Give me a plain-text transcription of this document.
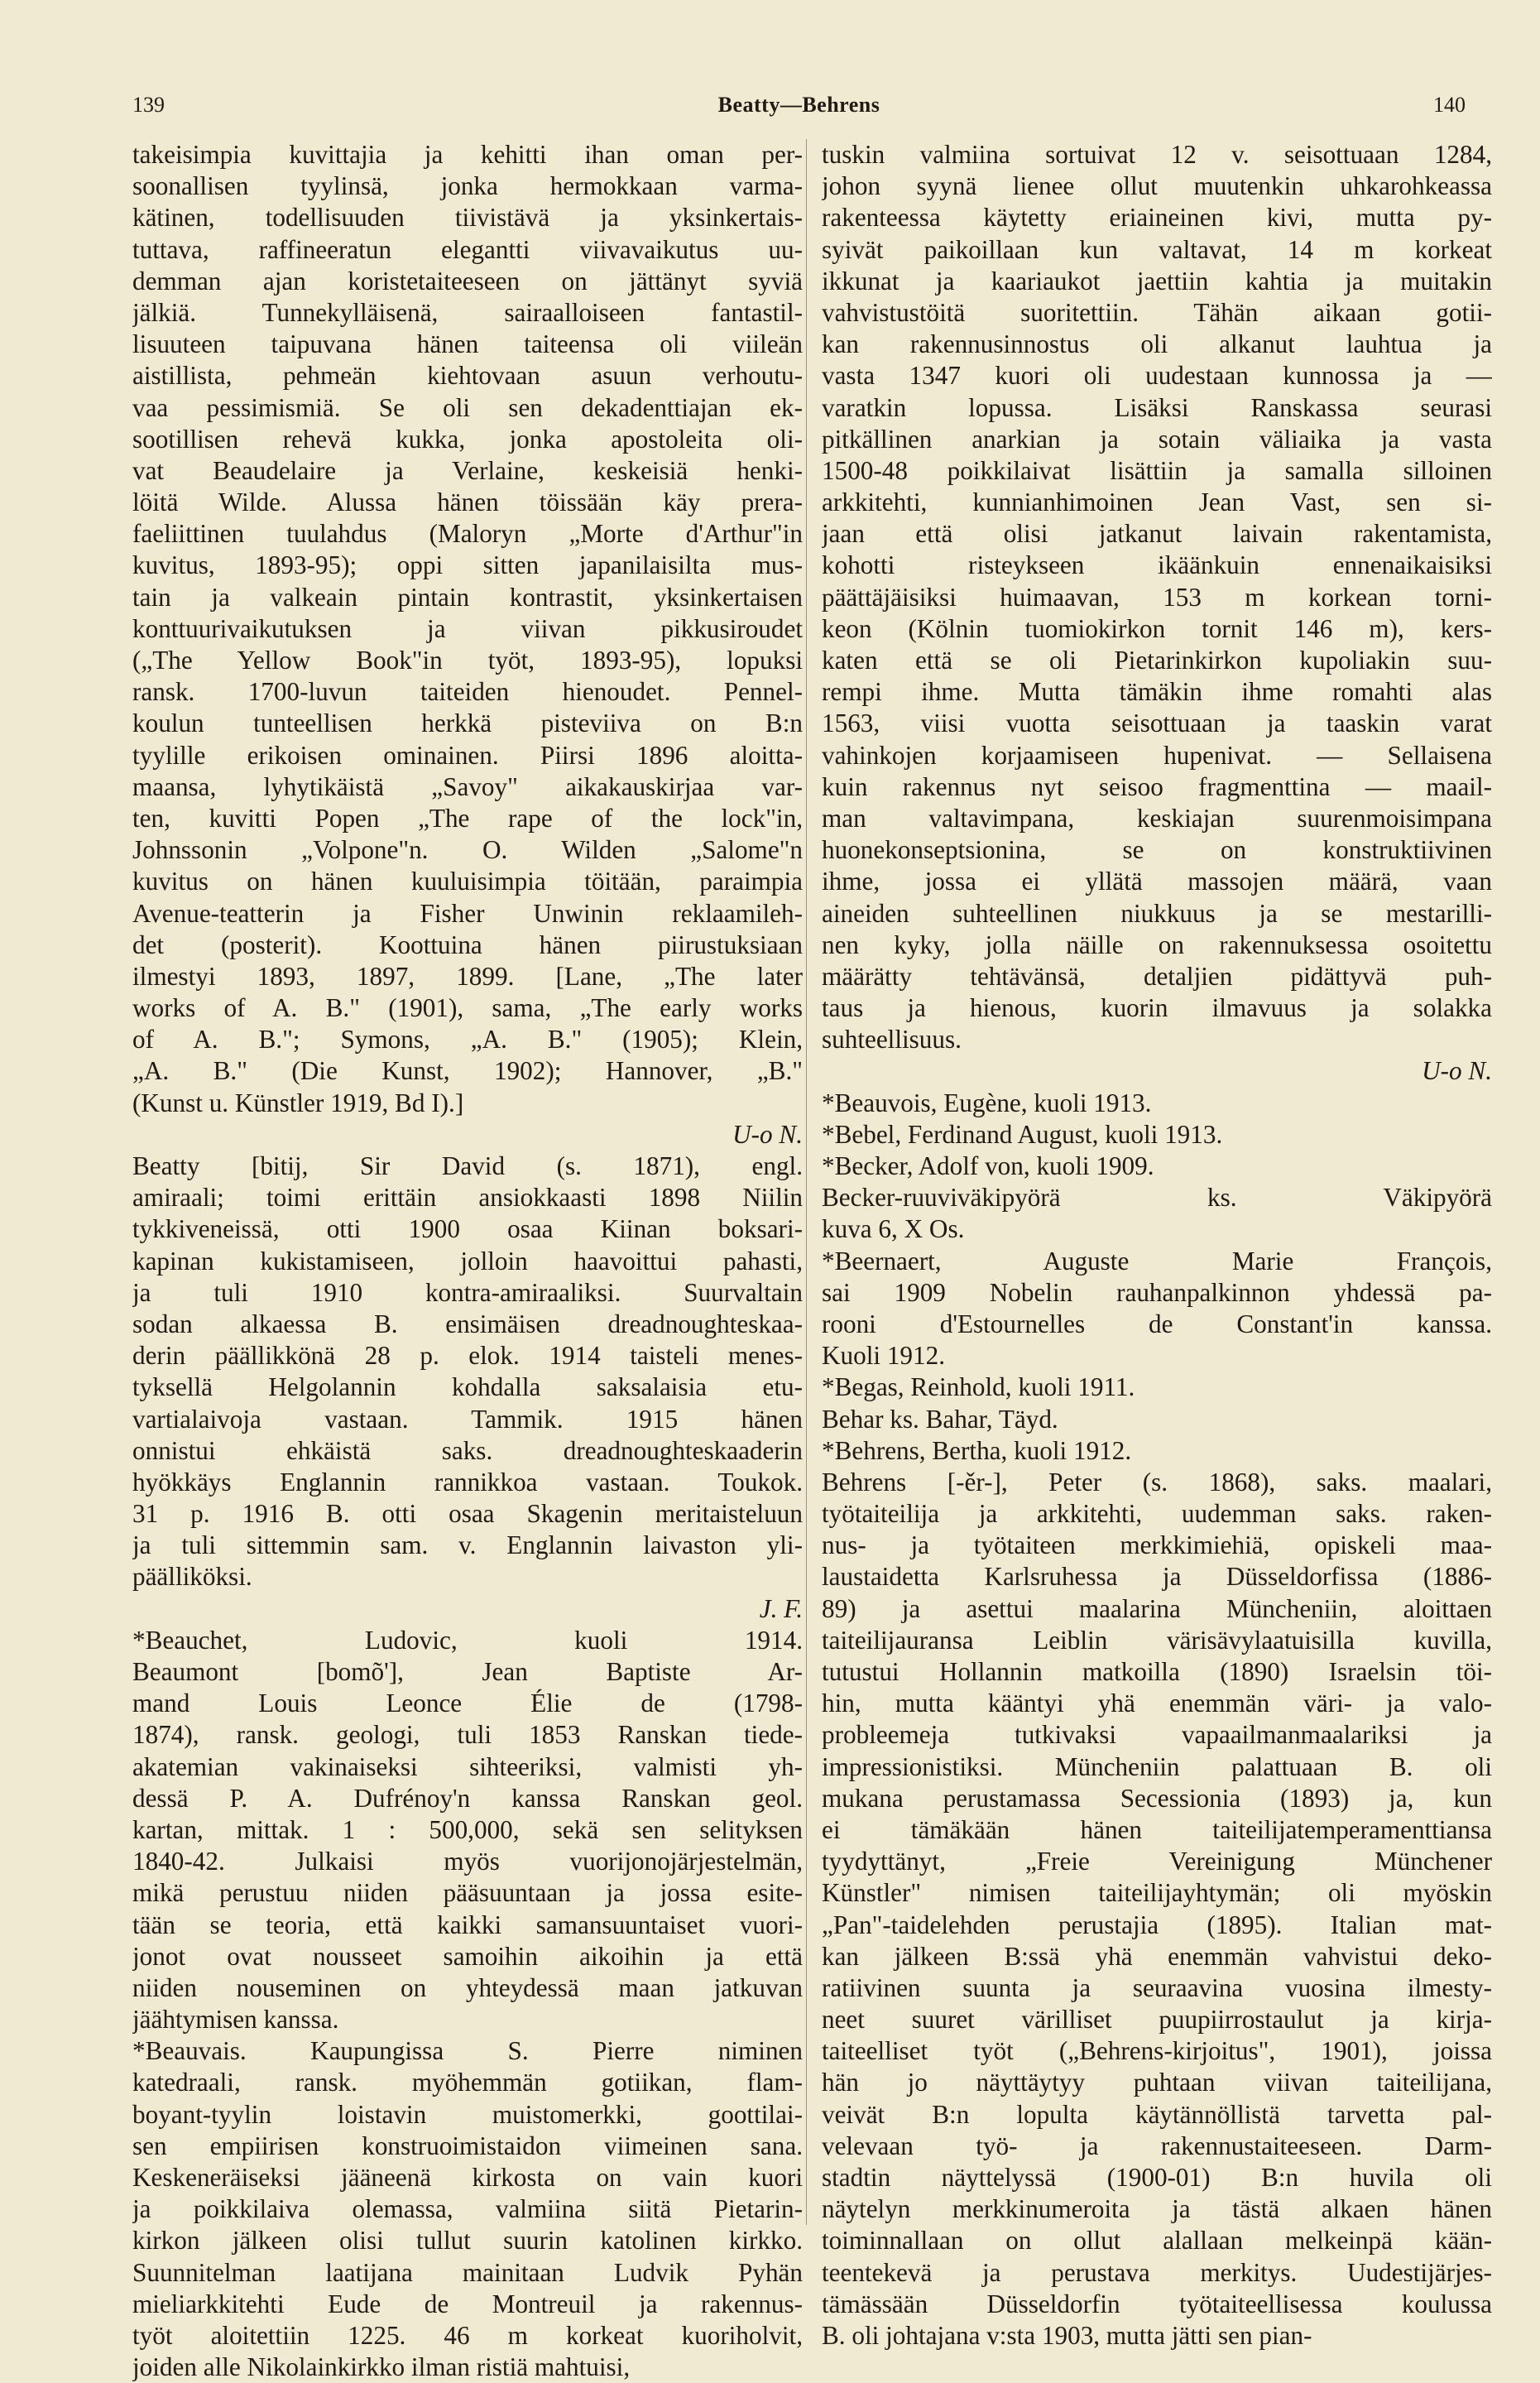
139	Beatty—Behrens	140
takeisimpia kuvittajia ja kehitti ihan oman per-
soonallisen tyylinsä, jonka hermokkaan varma-
kätinen, todellisuuden tiivistävä ja yksinkertais-
tuttava, raffineeratun elegantti viivavaikutus uu-
demman ajan koristetaiteeseen on jättänyt syviä
jälkiä. Tunnekylläisenä, sairaalloiseen fantastil-
lisuuteen taipuvana hänen taiteensa oli viileän
aistillista, pehmeän kiehtovaan asuun verhoutu-
vaa pessimismiä. Se oli sen dekadenttiajan ek-
sootillisen rehevä kukka, jonka apostoleita oli-
vat Beaudelaire ja Verlaine, keskeisiä henki-
löitä Wilde. Alussa hänen töissään käy prera-
faeliittinen tuulahdus (Maloryn „Morte d'Arthur"in
kuvitus, 1893-95); oppi sitten japanilaisilta mus-
tain ja valkeain pintain kontrastit, yksinkertaisen
konttuurivaikutuksen ja viivan pikkusiroudet
(„The Yellow Book"in työt, 1893-95), lopuksi
ransk. 1700-luvun taiteiden hienoudet. Pennel-
koulun tunteellisen herkkä pisteviiva on B:n
tyylille erikoisen ominainen. Piirsi 1896 aloitta-
maansa, lyhytikäistä „Savoy" aikakauskirjaa var-
ten, kuvitti Popen „The rape of the lock"in,
Johnssonin „Volpone"n. O. Wilden „Salome"n
kuvitus on hänen kuuluisimpia töitään, paraimpia
Avenue-teatterin ja Fisher Unwinin reklaamileh-
det (posterit). Koottuina hänen piirustuksiaan
ilmestyi 1893, 1897, 1899. [Lane, „The later
works of A. B." (1901), sama, „The early works
of A. B."; Symons, „A. B." (1905); Klein,
„A. B." (Die Kunst, 1902); Hannover, „B."
(Kunst u. Künstler 1919, Bd I).]
U-o N.
Beatty [bitij, Sir David (s. 1871), engl.
amiraali; toimi erittäin ansiokkaasti 1898 Niilin
tykkiveneissä, otti 1900 osaa Kiinan boksari-
kapinan kukistamiseen, jolloin haavoittui pahasti,
ja tuli 1910 kontra-amiraaliksi. Suurvaltain
sodan alkaessa B. ensimäisen dreadnoughteskaa-
derin päällikkönä 28 p. elok. 1914 taisteli menes-
tyksellä Helgolannin kohdalla saksalaisia etu-
vartialaivoja vastaan. Tammik. 1915 hänen
onnistui ehkäistä saks. dreadnoughteskaaderin
hyökkäys Englannin rannikkoa vastaan. Toukok.
31 p. 1916 B. otti osaa Skagenin meritaisteluun
ja tuli sittemmin sam. v. Englannin laivaston yli-
päälliköksi.
J. F.
*Beauchet, Ludovic, kuoli 1914.
Beaumont [bomõ'], Jean Baptiste Ar-
mand Louis Leonce Élie de (1798-
1874), ransk. geologi, tuli 1853 Ranskan tiede-
akatemian vakinaiseksi sihteeriksi, valmisti yh-
dessä P. A. Dufrénoy'n kanssa Ranskan geol.
kartan, mittak. 1 : 500,000, sekä sen selityksen
1840-42. Julkaisi myös vuorijonojärjestelmän,
mikä perustuu niiden pääsuuntaan ja jossa esite-
tään se teoria, että kaikki samansuuntaiset vuori-
jonot ovat nousseet samoihin aikoihin ja että
niiden nouseminen on yhteydessä maan jatkuvan
jäähtymisen kanssa.
*Beauvais. Kaupungissa S. Pierre niminen
katedraali, ransk. myöhemmän gotiikan, flam-
boyant-tyylin loistavin muistomerkki, goottilai-
sen empiirisen konstruoimistaidon viimeinen sana.
Keskeneräiseksi jääneenä kirkosta on vain kuori
ja poikkilaiva olemassa, valmiina siitä Pietarin-
kirkon jälkeen olisi tullut suurin katolinen kirkko.
Suunnitelman laatijana mainitaan Ludvik Pyhän
mieliarkkitehti Eude de Montreuil ja rakennus-
työt aloitettiin 1225. 46 m korkeat kuoriholvit,
joiden alle Nikolainkirkko ilman ristiä mahtuisi,
tuskin valmiina sortuivat 12 v. seisottuaan 1284,
johon syynä lienee ollut muutenkin uhkarohkeassa
rakenteessa käytetty eriaineinen kivi, mutta py-
syivät paikoillaan kun valtavat, 14 m korkeat
ikkunat ja kaariaukot jaettiin kahtia ja muitakin
vahvistustöitä suoritettiin. Tähän aikaan gotii-
kan rakennusinnostus oli alkanut lauhtua ja
vasta 1347 kuori oli uudestaan kunnossa ja —
varatkin lopussa. Lisäksi Ranskassa seurasi
pitkällinen anarkian ja sotain väliaika ja vasta
1500-48 poikkilaivat lisättiin ja samalla silloinen
arkkitehti, kunnianhimoinen Jean Vast, sen si-
jaan että olisi jatkanut laivain rakentamista,
kohotti risteykseen ikäänkuin ennenaikaisiksi
päättäjäisiksi huimaavan, 153 m korkean torni-
keon (Kölnin tuomiokirkon tornit 146 m), kers-
katen että se oli Pietarinkirkon kupoliakin suu-
rempi ihme. Mutta tämäkin ihme romahti alas
1563, viisi vuotta seisottuaan ja taaskin varat
vahinkojen korjaamiseen hupenivat. — Sellaisena
kuin rakennus nyt seisoo fragmenttina — maail-
man valtavimpana, keskiajan suurenmoisimpana
huonekonseptsionina, se on konstruktiivinen
ihme, jossa ei yllätä massojen määrä, vaan
aineiden suhteellinen niukkuus ja se mestarilli-
nen kyky, jolla näille on rakennuksessa osoitettu
määrätty tehtävänsä, detaljien pidättyvä puh-
taus ja hienous, kuorin ilmavuus ja solakka
suhteellisuus.
U-o N.
*Beauvois, Eugène, kuoli 1913.
*Bebel, Ferdinand August, kuoli 1913.
*Becker, Adolf von, kuoli 1909.
Becker-ruuviväkipyörä ks. Väkipyörä
kuva 6, X Os.
*Beernaert, Auguste Marie François,
sai 1909 Nobelin rauhanpalkinnon yhdessä pa-
rooni d'Estournelles de Constant'in kanssa.
Kuoli 1912.
*Begas, Reinhold, kuoli 1911.
Behar ks. Bahar, Täyd.
*Behrens, Bertha, kuoli 1912.
Behrens [-ěr-], Peter (s. 1868), saks. maalari,
työtaiteilija ja arkkitehti, uudemman saks. raken-
nus- ja työtaiteen merkkimiehiä, opiskeli maa-
laustaidetta Karlsruhessa ja Düsseldorfissa (1886-
89) ja asettui maalarina Müncheniin, aloittaen
taiteilijauransa Leiblin värisävylaatuisilla kuvilla,
tutustui Hollannin matkoilla (1890) Israelsin töi-
hin, mutta kääntyi yhä enemmän väri- ja valo-
probleemeja tutkivaksi vapaailmanmaalariksi ja
impressionistiksi. Müncheniin palattuaan B. oli
mukana perustamassa Secessionia (1893) ja, kun
ei tämäkään hänen taiteilijatemperamenttiansa
tyydyttänyt, „Freie Vereinigung Münchener
Künstler" nimisen taiteilijayhtymän; oli myöskin
„Pan"-taidelehden perustajia (1895). Italian mat-
kan jälkeen B:ssä yhä enemmän vahvistui deko-
ratiivinen suunta ja seuraavina vuosina ilmesty-
neet suuret värilliset puupiirrostaulut ja kirja-
taiteelliset työt („Behrens-kirjoitus", 1901), joissa
hän jo näyttäytyy puhtaan viivan taiteilijana,
veivät B:n lopulta käytännöllistä tarvetta pal-
velevaan työ- ja rakennustaiteeseen. Darm-
stadtin näyttelyssä (1900-01) B:n huvila oli
näytelyn merkkinumeroita ja tästä alkaen hänen
toiminnallaan on ollut alallaan melkeinpä kään-
teentekevä ja perustava merkitys. Uudestijärjes-
tämässään Düsseldorfin työtaiteellisessa koulussa
B. oli johtajana v:sta 1903, mutta jätti sen pian-
